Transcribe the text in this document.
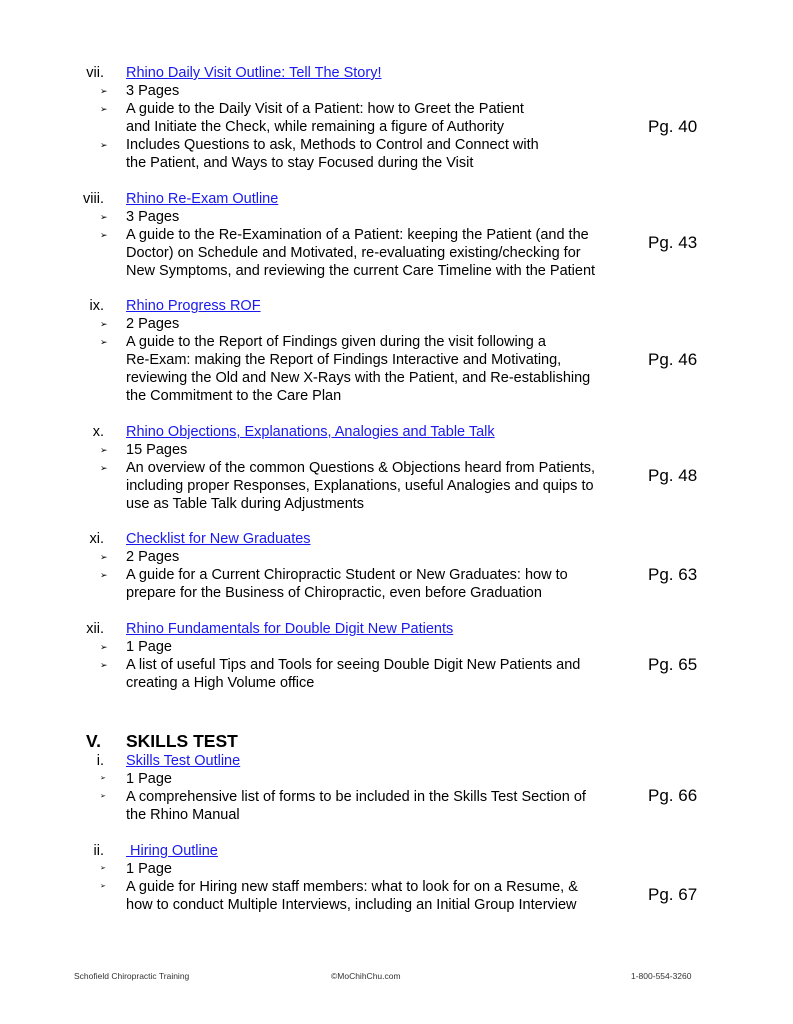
vii. Rhino Daily Visit Outline: Tell The Story!
➢	3 Pages
➢	A guide to the Daily Visit of a Patient: how to Greet the Patient
and Initiate the Check, while remaining a figure of Authority
➢	Includes Questions to ask, Methods to Control and Connect with
the Patient, and Ways to stay Focused during the Visit
Pg. 40
viii. Rhino Re-Exam Outline
➢	3 Pages
➢	A guide to the Re-Examination of a Patient: keeping the Patient (and the
Doctor) on Schedule and Motivated, re-evaluating existing/checking for
New Symptoms, and reviewing the current Care Timeline with the Patient
Pg. 43
ix. Rhino Progress ROF
➢	2 Pages
➢	A guide to the Report of Findings given during the visit following a
Re-Exam: making the Report of Findings Interactive and Motivating,
reviewing the Old and New X-Rays with the Patient, and Re-establishing
the Commitment to the Care Plan
Pg. 46
x. Rhino Objections, Explanations, Analogies and Table Talk
➢	15 Pages
➢	An overview of the common Questions & Objections heard from Patients,
including proper Responses, Explanations, useful Analogies and quips to
use as Table Talk during Adjustments
Pg. 48
xi. Checklist for New Graduates
➢	2 Pages
➢	A guide for a Current Chiropractic Student or New Graduates: how to
prepare for the Business of Chiropractic, even before Graduation
Pg. 63
xii. Rhino Fundamentals for Double Digit New Patients
➢	1 Page
➢	A list of useful Tips and Tools for seeing Double Digit New Patients and
creating a High Volume office
Pg. 65
V. SKILLS TEST
i. Skills Test Outline
➢	1 Page
➢	A comprehensive list of forms to be included in the Skills Test Section of
the Rhino Manual
Pg. 66
ii. Hiring Outline
➢	1 Page
➢	A guide for Hiring new staff members: what to look for on a Resume, &
how to conduct Multiple Interviews, including an Initial Group Interview
Pg. 67
Schofield Chiropractic Training	©MoChihChu.com	1-800-554-3260
